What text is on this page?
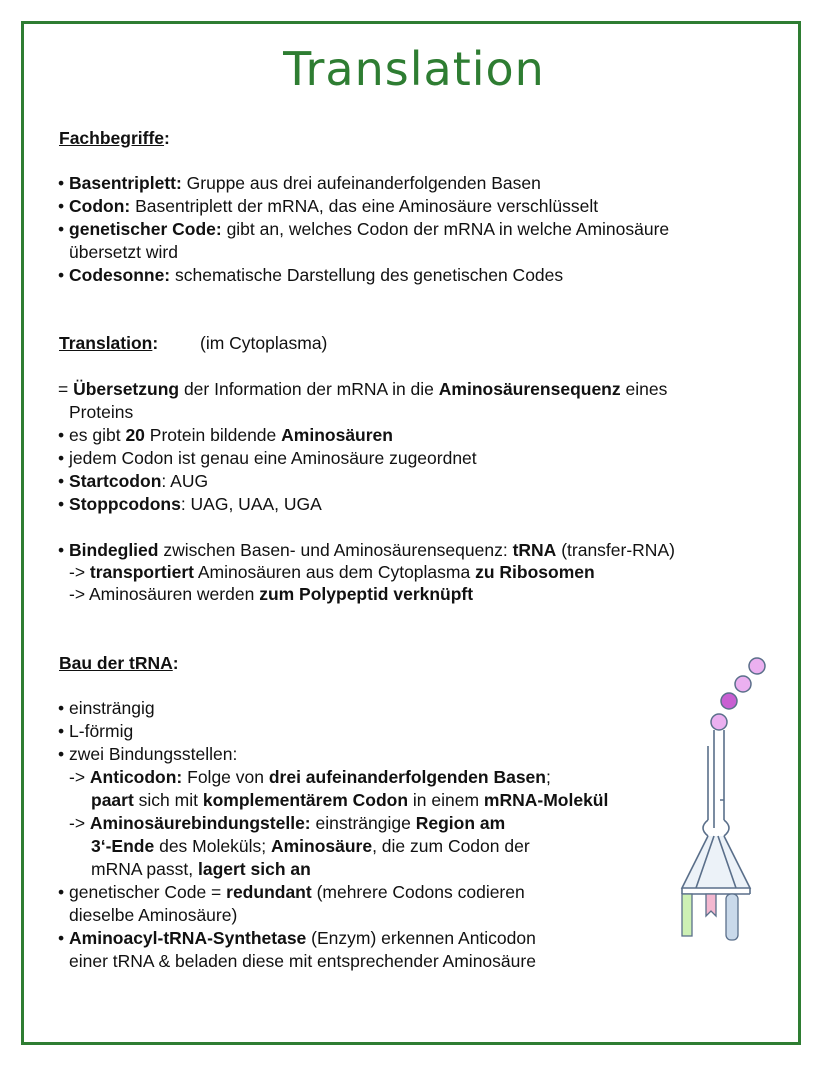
Translation
Fachbegriffe:
• Basentriplett: Gruppe aus drei aufeinanderfolgenden Basen
• Codon: Basentriplett der mRNA, das eine Aminosäure verschlüsselt
• genetischer Code: gibt an, welches Codon der mRNA in welche Aminosäure
übersetzt wird
• Codesonne: schematische Darstellung des genetischen Codes
Translation: (im Cytoplasma)
= Übersetzung der Information der mRNA in die Aminosäurensequenz eines
Proteins
• es gibt 20 Protein bildende Aminosäuren
• jedem Codon ist genau eine Aminosäure zugeordnet
• Startcodon: AUG
• Stoppcodons: UAG, UAA, UGA
• Bindeglied zwischen Basen- und Aminosäurensequenz: tRNA (transfer-RNA)
-> transportiert Aminosäuren aus dem Cytoplasma zu Ribosomen
-> Aminosäuren werden zum Polypeptid verknüpft
Bau der tRNA:
• einsträngig
• L-förmig
• zwei Bindungsstellen:
-> Anticodon: Folge von drei aufeinanderfolgenden Basen;
paart sich mit komplementärem Codon in einem mRNA-Molekül
-> Aminosäurebindungstelle: einsträngige Region am
3‘-Ende des Moleküls; Aminosäure, die zum Codon der
mRNA passt, lagert sich an
• genetischer Code = redundant (mehrere Codons codieren
dieselbe Aminosäure)
• Aminoacyl-tRNA-Synthetase (Enzym) erkennen Anticodon
einer tRNA & beladen diese mit entsprechender Aminosäure
